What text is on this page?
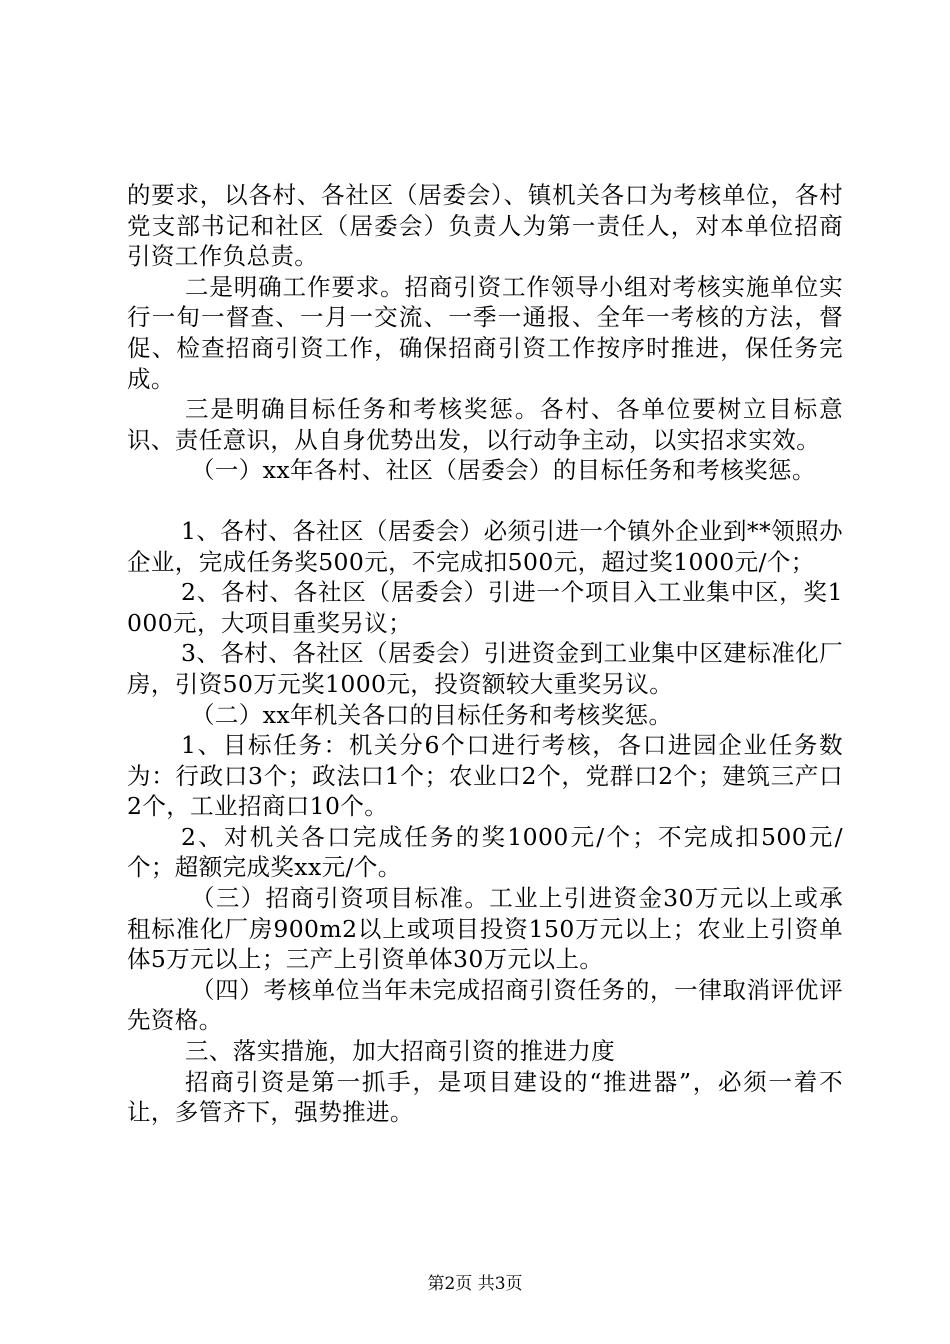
的要求，以各村、各社区（居委会）、镇机关各口为考核单位，各村党支部书记和社区（居委会）负责人为第一责任人，对本单位招商引资工作负总责。

二是明确工作要求。招商引资工作领导小组对考核实施单位实行一旬一督查、一月一交流、一季一通报、全年一考核的方法，督促、检查招商引资工作，确保招商引资工作按序时推进，保任务完成。

三是明确目标任务和考核奖惩。各村、各单位要树立目标意识、责任意识，从自身优势出发，以行动争主动，以实招求实效。

（一）xx年各村、社区（居委会）的目标任务和考核奖惩。

1、各村、各社区（居委会）必须引进一个镇外企业到**领照办企业，完成任务奖500元，不完成扣500元，超过奖1000元/个；

2、各村、各社区（居委会）引进一个项目入工业集中区，奖1000元，大项目重奖另议；

3、各村、各社区（居委会）引进资金到工业集中区建标准化厂房，引资50万元奖1000元，投资额较大重奖另议。

（二）xx年机关各口的目标任务和考核奖惩。

1、目标任务：机关分6个口进行考核，各口进园企业任务数为：行政口3个；政法口1个；农业口2个，党群口2个；建筑三产口2个，工业招商口10个。

2、对机关各口完成任务的奖1000元/个；不完成扣500元/个；超额完成奖xx元/个。

（三）招商引资项目标准。工业上引进资金30万元以上或承租标准化厂房900m2以上或项目投资150万元以上；农业上引资单体5万元以上；三产上引资单体30万元以上。

（四）考核单位当年未完成招商引资任务的，一律取消评优评先资格。

三、落实措施，加大招商引资的推进力度

招商引资是第一抓手，是项目建设的“推进器”，必须一着不让，多管齐下，强势推进。

第2页 共3页
